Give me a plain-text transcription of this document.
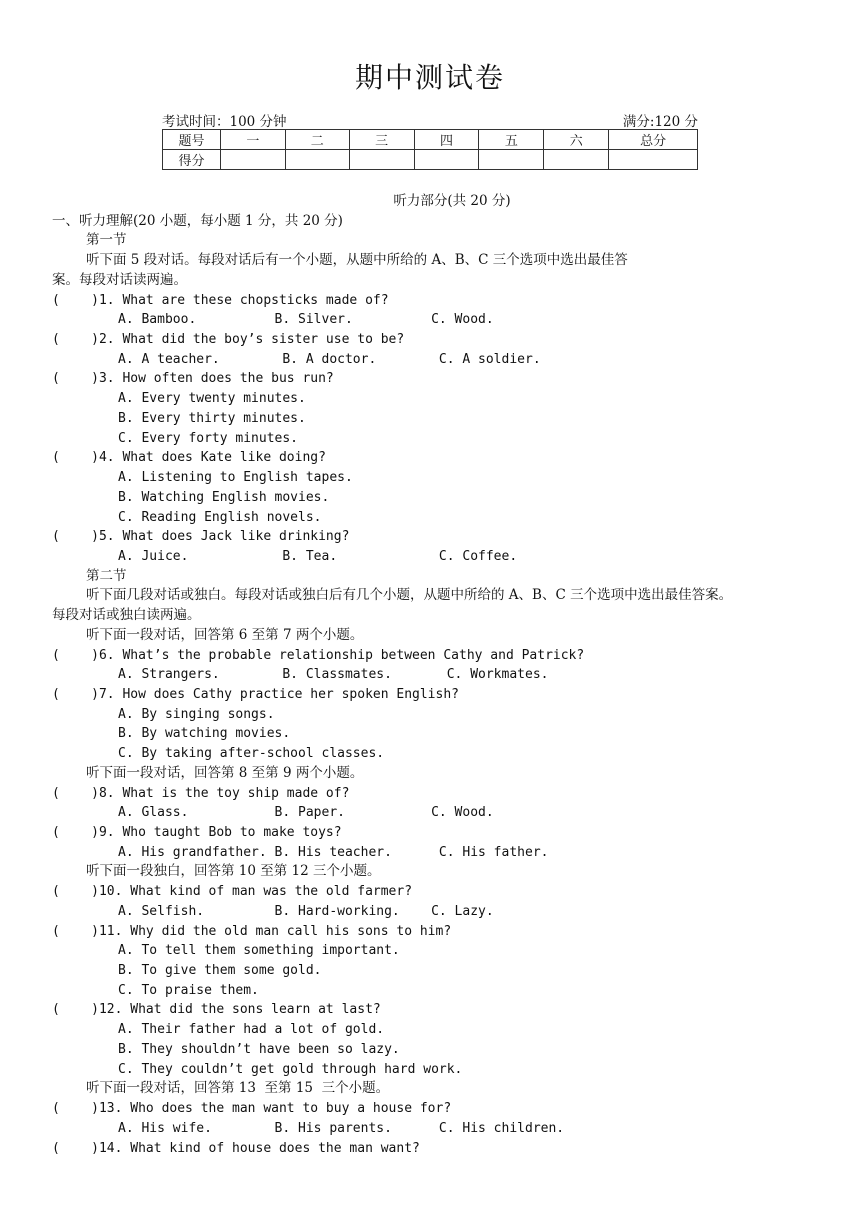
期中测试卷
考试时间：100 分钟	满分:120 分
题号	一	二	三	四	五	六	总分
得分							
听力部分(共 20 分)
一、听力理解(20 小题，每小题 1 分，共 20 分)
第一节
听下面 5 段对话。每段对话后有一个小题，从题中所给的 A、B、C 三个选项中选出最佳答
案。每段对话读两遍。
(    )1. What are these chopsticks made of?
A. Bamboo.          B. Silver.          C. Wood.
(    )2. What did the boy’s sister use to be?
A. A teacher.        B. A doctor.        C. A soldier.
(    )3. How often does the bus run?
A. Every twenty minutes.
B. Every thirty minutes.
C. Every forty minutes.
(    )4. What does Kate like doing?
A. Listening to English tapes.
B. Watching English movies.
C. Reading English novels.
(    )5. What does Jack like drinking?
A. Juice.            B. Tea.             C. Coffee.
第二节
听下面几段对话或独白。每段对话或独白后有几个小题，从题中所给的 A、B、C 三个选项中选出最佳答案。
每段对话或独白读两遍。
听下面一段对话，回答第 6 至第 7 两个小题。
(    )6. What’s the probable relationship between Cathy and Patrick?
A. Strangers.        B. Classmates.       C. Workmates.
(    )7. How does Cathy practice her spoken English?
A. By singing songs.
B. By watching movies.
C. By taking after-school classes.
听下面一段对话，回答第 8 至第 9 两个小题。
(    )8. What is the toy ship made of?
A. Glass.           B. Paper.           C. Wood.
(    )9. Who taught Bob to make toys?
A. His grandfather. B. His teacher.      C. His father.
听下面一段独白，回答第 10 至第 12 三个小题。
(    )10. What kind of man was the old farmer?
A. Selfish.         B. Hard-working.    C. Lazy.
(    )11. Why did the old man call his sons to him?
A. To tell them something important.
B. To give them some gold.
C. To praise them.
(    )12. What did the sons learn at last?
A. Their father had a lot of gold.
B. They shouldn’t have been so lazy.
C. They couldn’t get gold through hard work.
听下面一段对话，回答第 13  至第 15  三个小题。
(    )13. Who does the man want to buy a house for?
A. His wife.        B. His parents.      C. His children.
(    )14. What kind of house does the man want?
